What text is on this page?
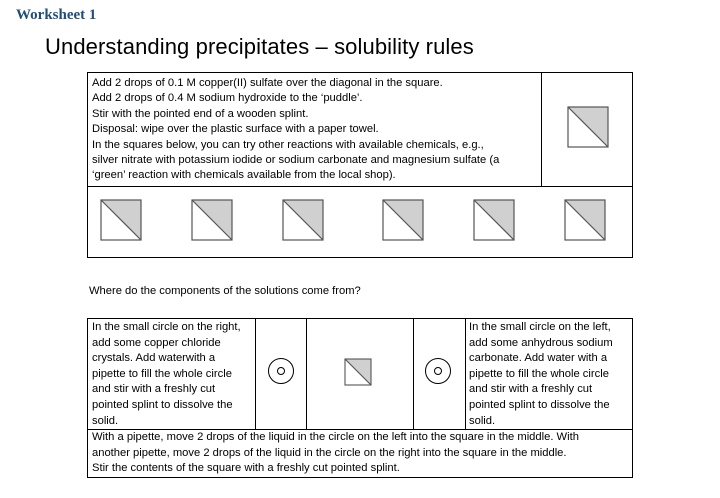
Worksheet 1
Understanding precipitates – solubility rules
Add 2 drops of 0.1 M copper(II) sulfate over the diagonal in the square.
Add 2 drops of 0.4 M sodium hydroxide to the ‘puddle’.
Stir with the pointed end of a wooden splint.
Disposal: wipe over the plastic surface with a paper towel.
In the squares below, you can try other reactions with available chemicals, e.g.,
silver nitrate with potassium iodide or sodium carbonate and magnesium sulfate (a
‘green’ reaction with chemicals available from the local shop).
Where do the components of the solutions come from?
In the small circle on the right,
add some copper chloride
crystals. Add waterwith a
pipette to fill the whole circle
and stir with a freshly cut
pointed splint to dissolve the
solid.
In the small circle on the left,
add some anhydrous sodium
carbonate. Add water with a
pipette to fill the whole circle
and stir with a freshly cut
pointed splint to dissolve the
solid.
With a pipette, move 2 drops of the liquid in the circle on the left into the square in the middle. With
another pipette, move 2 drops of the liquid in the circle on the right into the square in the middle.
Stir the contents of the square with a freshly cut pointed splint.
